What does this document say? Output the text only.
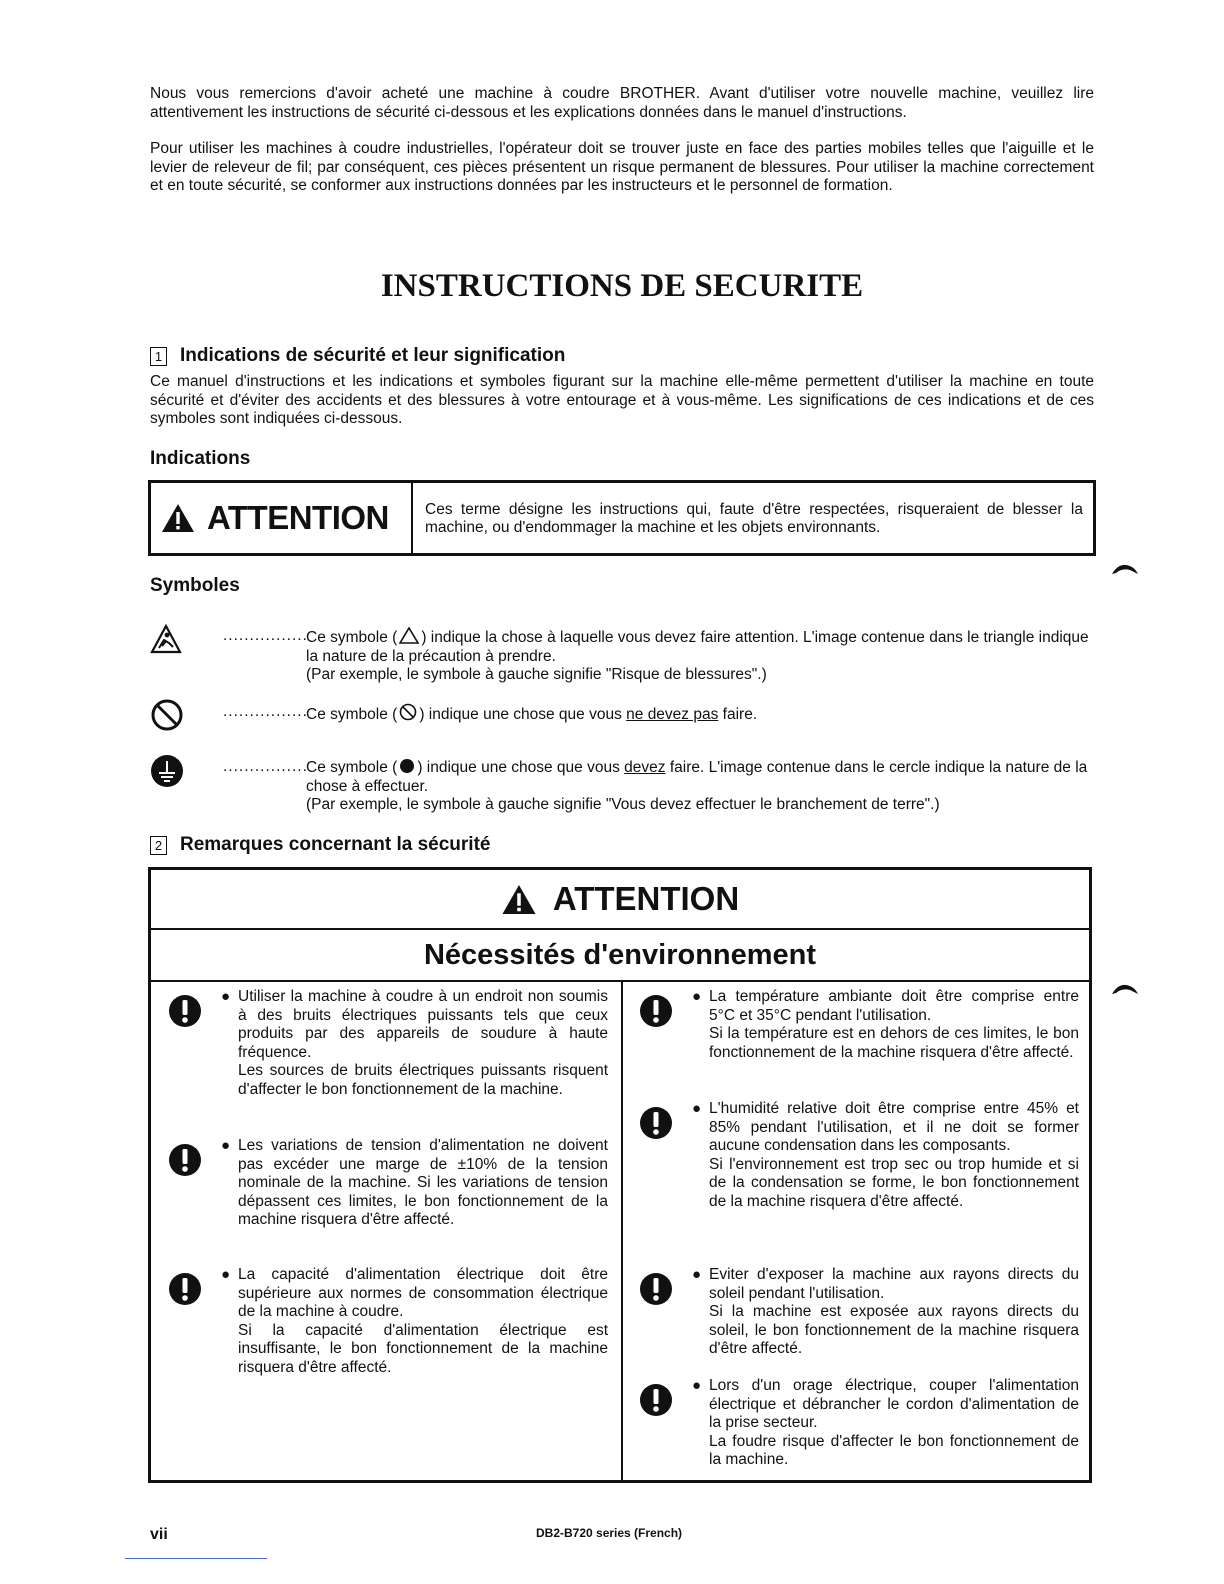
Nous vous remercions d'avoir acheté une machine à coudre BROTHER. Avant d'utiliser votre nouvelle machine, veuillez lire attentivement les instructions de sécurité ci-dessous et les explications données dans le manuel d'instructions.

Pour utiliser les machines à coudre industrielles, l'opérateur doit se trouver juste en face des parties mobiles telles que l'aiguille et le levier de releveur de fil; par conséquent, ces pièces présentent un risque permanent de blessures. Pour utiliser la machine correctement et en toute sécurité, se conformer aux instructions données par les instructeurs et le personnel de formation.

INSTRUCTIONS DE SECURITE
1 Indications de sécurité et leur signification

Ce manuel d'instructions et les indications et symboles figurant sur la machine elle-même permettent d'utiliser la machine en toute sécurité et d'éviter des accidents et des blessures à votre entourage et à vous-même. Les significations de ces indications et de ces symboles sont indiquées ci-dessous.

Indications
ATTENTION	Ces terme désigne les instructions qui, faute d'être respectées, risqueraient de blesser la machine, ou d'endommager la machine et les objets environnants.
Symboles
................
Ce symbole ( ) indique la chose à laquelle vous devez faire attention. L'image contenue dans le triangle indique la nature de la précaution à prendre.
(Par exemple, le symbole à gauche signifie "Risque de blessures".)
................
Ce symbole ( ) indique une chose que vous ne devez pas faire.
................
Ce symbole ( ) indique une chose que vous devez faire. L'image contenue dans le cercle indique la nature de la chose à effectuer.
(Par exemple, le symbole à gauche signifie "Vous devez effectuer le branchement de terre".)
2 Remarques concernant la sécurité
ATTENTION
Nécessités d'environnement
● Utiliser la machine à coudre à un endroit non soumis à des bruits électriques puissants tels que ceux produits par des appareils de soudure à haute fréquence.

Les sources de bruits électriques puissants risquent d'affecter le bon fonctionnement de la machine.

● Les variations de tension d'alimentation ne doivent pas excéder une marge de ±10% de la tension nominale de la machine. Si les variations de tension dépassent ces limites, le bon fonctionnement de la machine risquera d'être affecté.

● La capacité d'alimentation électrique doit être supérieure aux normes de consommation électrique de la machine à coudre.

Si la capacité d'alimentation électrique est insuffisante, le bon fonctionnement de la machine risquera d'être affecté.

● La température ambiante doit être comprise entre 5°C et 35°C pendant l'utilisation.

Si la température est en dehors de ces limites, le bon fonctionnement de la machine risquera d'être affecté.

● L'humidité relative doit être comprise entre 45% et 85% pendant l'utilisation, et il ne doit se former aucune condensation dans les composants.

Si l'environnement est trop sec ou trop humide et si de la condensation se forme, le bon fonctionnement de la machine risquera d'être affecté.

● Eviter d'exposer la machine aux rayons directs du soleil pendant l'utilisation.

Si la machine est exposée aux rayons directs du soleil, le bon fonctionnement de la machine risquera d'être affecté.

● Lors d'un orage électrique, couper l'alimentation électrique et débrancher le cordon d'alimentation de la prise secteur.

La foudre risque d'affecter le bon fonctionnement de la machine.

vii	DB2-B720 series (French)
